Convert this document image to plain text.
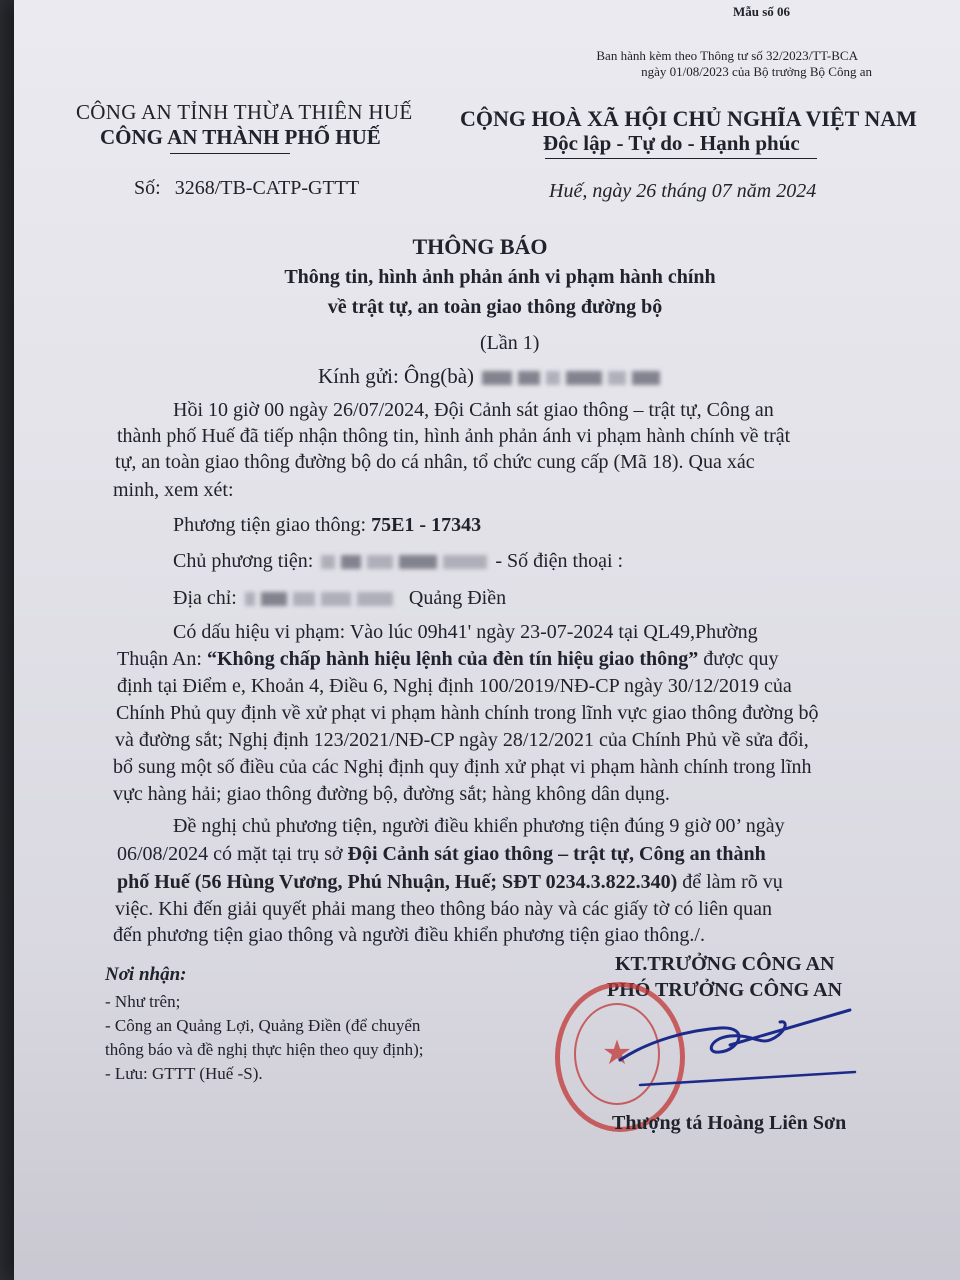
Mẫu số 06
Ban hành kèm theo Thông tư số 32/2023/TT-BCA
ngày 01/08/2023 của Bộ trưởng Bộ Công an
CÔNG AN TỈNH THỪA THIÊN HUẾ
CÔNG AN THÀNH PHỐ HUẾ
CỘNG HOÀ XÃ HỘI CHỦ NGHĨA VIỆT NAM
Độc lập - Tự do - Hạnh phúc
Số: 3268/TB-CATP-GTTT	Huế, ngày 26 tháng 07 năm 2024
THÔNG BÁO
Thông tin, hình ảnh phản ánh vi phạm hành chính
về trật tự, an toàn giao thông đường bộ
(Lần 1)
Kính gửi: Ông(bà)
Hồi 10 giờ 00 ngày 26/07/2024, Đội Cảnh sát giao thông – trật tự, Công an
thành phố Huế đã tiếp nhận thông tin, hình ảnh phản ánh vi phạm hành chính về trật
tự, an toàn giao thông đường bộ do cá nhân, tổ chức cung cấp (Mã 18). Qua xác
minh, xem xét:
Phương tiện giao thông: 75E1 - 17343
Chủ phương tiện:	- Số điện thoại :
Địa chỉ:	Quảng Điền
Có dấu hiệu vi phạm: Vào lúc 09h41' ngày 23-07-2024 tại QL49,Phường
Thuận An: “Không chấp hành hiệu lệnh của đèn tín hiệu giao thông” được quy
định tại Điểm e, Khoản 4, Điều 6, Nghị định 100/2019/NĐ-CP ngày 30/12/2019 của
Chính Phủ quy định về xử phạt vi phạm hành chính trong lĩnh vực giao thông đường bộ
và đường sắt; Nghị định 123/2021/NĐ-CP ngày 28/12/2021 của Chính Phủ về sửa đổi,
bổ sung một số điều của các Nghị định quy định xử phạt vi phạm hành chính trong lĩnh
vực hàng hải; giao thông đường bộ, đường sắt; hàng không dân dụng.
Đề nghị chủ phương tiện, người điều khiển phương tiện đúng 9 giờ 00’ ngày
06/08/2024 có mặt tại trụ sở Đội Cảnh sát giao thông – trật tự, Công an thành
phố Huế (56 Hùng Vương, Phú Nhuận, Huế; SĐT 0234.3.822.340) để làm rõ vụ
việc. Khi đến giải quyết phải mang theo thông báo này và các giấy tờ có liên quan
đến phương tiện giao thông và người điều khiển phương tiện giao thông./.
Nơi nhận:
- Như trên;
- Công an Quảng Lợi, Quảng Điền (để chuyển
thông báo và đề nghị thực hiện theo quy định);
- Lưu: GTTT (Huế -S).
KT.TRƯỞNG CÔNG AN
PHÓ TRƯỞNG CÔNG AN
★
Thượng tá Hoàng Liên Sơn
